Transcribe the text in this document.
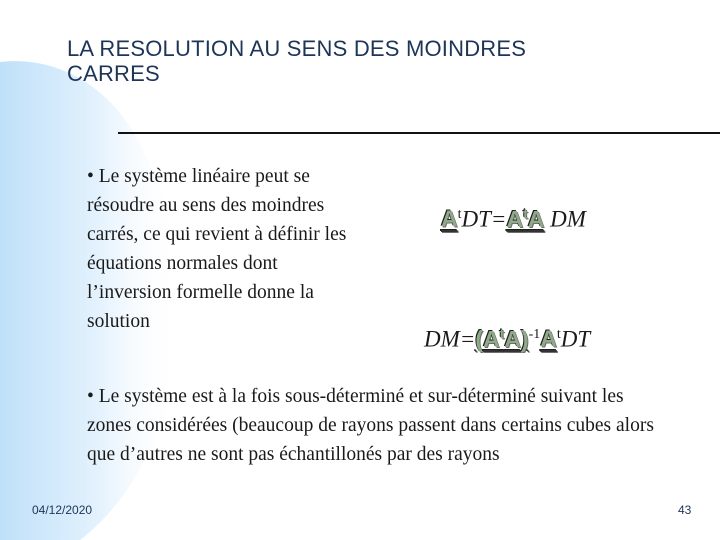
LA RESOLUTION AU SENS DES MOINDRES
CARRES
• Le système linéaire peut se résoudre au sens des moindres carrés, ce qui revient à définir les équations normales dont l’inversion formelle donne la solution
$A^tDT=A^tA$ DM
$DM=(A^tA)^{-1}A^tDT$
• Le système est à la fois sous-déterminé et sur-déterminé suivant les zones considérées (beaucoup de rayons passent dans certains cubes alors que d’autres ne sont pas échantillonés par des rayons
04/12/2020	43
